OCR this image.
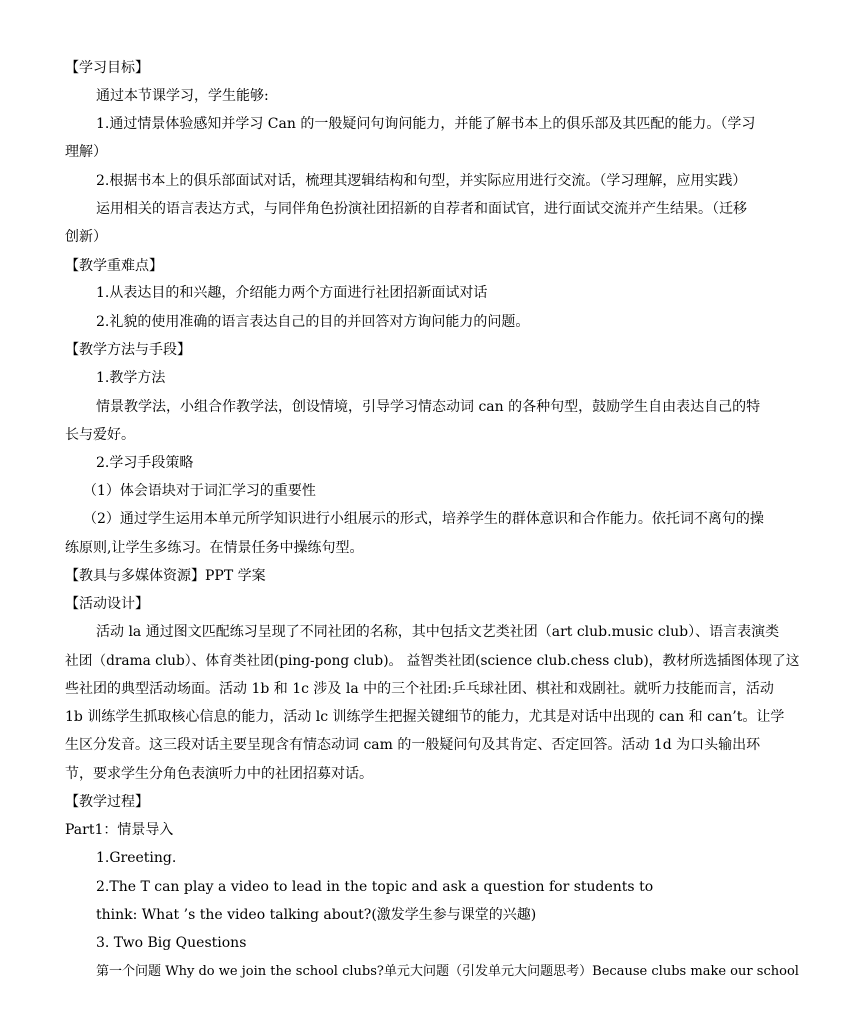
【学习目标】
通过本节课学习，学生能够:
1.通过情景体验感知并学习 Can 的一般疑问句询问能力，并能了解书本上的俱乐部及其匹配的能力。（学习
理解）
2.根据书本上的俱乐部面试对话，梳理其逻辑结构和句型，并实际应用进行交流。（学习理解，应用实践）
运用相关的语言表达方式，与同伴角色扮演社团招新的自荐者和面试官，进行面试交流并产生结果。（迁移
创新）
【教学重难点】
1.从表达目的和兴趣，介绍能力两个方面进行社团招新面试对话
2.礼貌的使用准确的语言表达自己的目的并回答对方询问能力的问题。
【教学方法与手段】
1.教学方法
情景教学法，小组合作教学法，创设情境，引导学习情态动词 can 的各种句型，鼓励学生自由表达自己的特
长与爱好。
2.学习手段策略
（1）体会语块对于词汇学习的重要性
（2）通过学生运用本单元所学知识进行小组展示的形式，培养学生的群体意识和合作能力。依托词不离句的操
练原则,让学生多练习。在情景任务中操练句型。
【教具与多媒体资源】PPT 学案
【活动设计】
活动 la 通过图文匹配练习呈现了不同社团的名称，其中包括文艺类社团（art club.music club）、语言表演类
社团（drama club）、体育类社团(ping-pong club)。 益智类社团(science club.chess club)，教材所选插图体现了这
些社团的典型活动场面。活动 1b 和 1c 涉及 la 中的三个社团:乒乓球社团、棋社和戏剧社。就听力技能而言，活动
1b 训练学生抓取核心信息的能力，活动 lc 训练学生把握关键细节的能力，尤其是对话中出现的 can 和 can’t。让学
生区分发音。这三段对话主要呈现含有情态动词 cam 的一般疑问句及其肯定、否定回答。活动 1d 为口头输出环
节，要求学生分角色表演听力中的社团招募对话。
【教学过程】
Part1：情景导入
1.Greeting.
2.The T can play a video to lead in the topic and ask a question for students to
think: What ’s the video talking about?(激发学生参与课堂的兴趣)
3. Two Big Questions
第一个问题 Why do we join the school clubs?单元大问题（引发单元大问题思考）Because clubs make our school
